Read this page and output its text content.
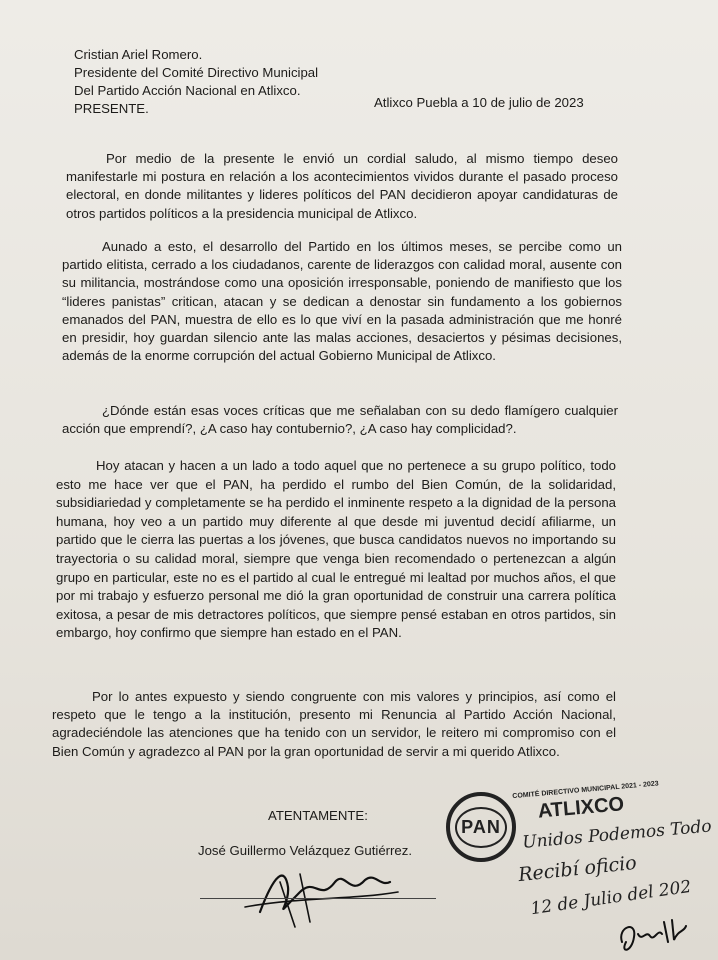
Cristian Ariel Romero.
Presidente del Comité Directivo Municipal
Del Partido Acción Nacional en Atlixco.
PRESENTE.	Atlixco Puebla a 10 de julio de 2023

Por medio de la presente le envió un cordial saludo, al mismo tiempo deseo manifestarle mi postura en relación a los acontecimientos vividos durante el pasado proceso electoral, en donde militantes y lideres políticos del PAN decidieron apoyar candidaturas de otros partidos políticos a la presidencia municipal de Atlixco.

Aunado a esto, el desarrollo del Partido en los últimos meses, se percibe como un partido elitista, cerrado a los ciudadanos, carente de liderazgos con calidad moral, ausente con su militancia, mostrándose como una oposición irresponsable, poniendo de manifiesto que los “lideres panistas” critican, atacan y se dedican a denostar sin fundamento a los gobiernos emanados del PAN, muestra de ello es lo que viví en la pasada administración que me honré en presidir, hoy guardan silencio ante las malas acciones, desaciertos y pésimas decisiones, además de la enorme corrupción del actual Gobierno Municipal de Atlixco.

¿Dónde están esas voces críticas que me señalaban con su dedo flamígero cualquier acción que emprendí?, ¿A caso hay contubernio?, ¿A caso hay complicidad?.

Hoy atacan y hacen a un lado a todo aquel que no pertenece a su grupo político, todo esto me hace ver que el PAN, ha perdido el rumbo del Bien Común, de la solidaridad, subsidiariedad y completamente se ha perdido el inminente respeto a la dignidad de la persona humana, hoy veo a un partido muy diferente al que desde mi juventud decidí afiliarme, un partido que le cierra las puertas a los jóvenes, que busca candidatos nuevos no importando su trayectoria o su calidad moral, siempre que venga bien recomendado o pertenezcan a algún grupo en particular, este no es el partido al cual le entregué mi lealtad por muchos años, el que por mi trabajo y esfuerzo personal me dió la gran oportunidad de construir una carrera política exitosa, a pesar de mis detractores políticos, que siempre pensé estaban en otros partidos, sin embargo, hoy confirmo que siempre han estado en el PAN.

Por lo antes expuesto y siendo congruente con mis valores y principios, así como el respeto que le tengo a la institución, presento mi Renuncia al Partido Acción Nacional, agradeciéndole las atenciones que ha tenido con un servidor, le reitero mi compromiso con el Bien Común y agradezco al PAN por la gran oportunidad de servir a mi querido Atlixco.

ATENTAMENTE:
José Guillermo Velázquez Gutiérrez.
COMITÉ DIRECTIVO MUNICIPAL 2021 - 2023
ATLIXCO
Unidos Podemos Todo
PAN
Recibí oficio
12 de Julio del 202
